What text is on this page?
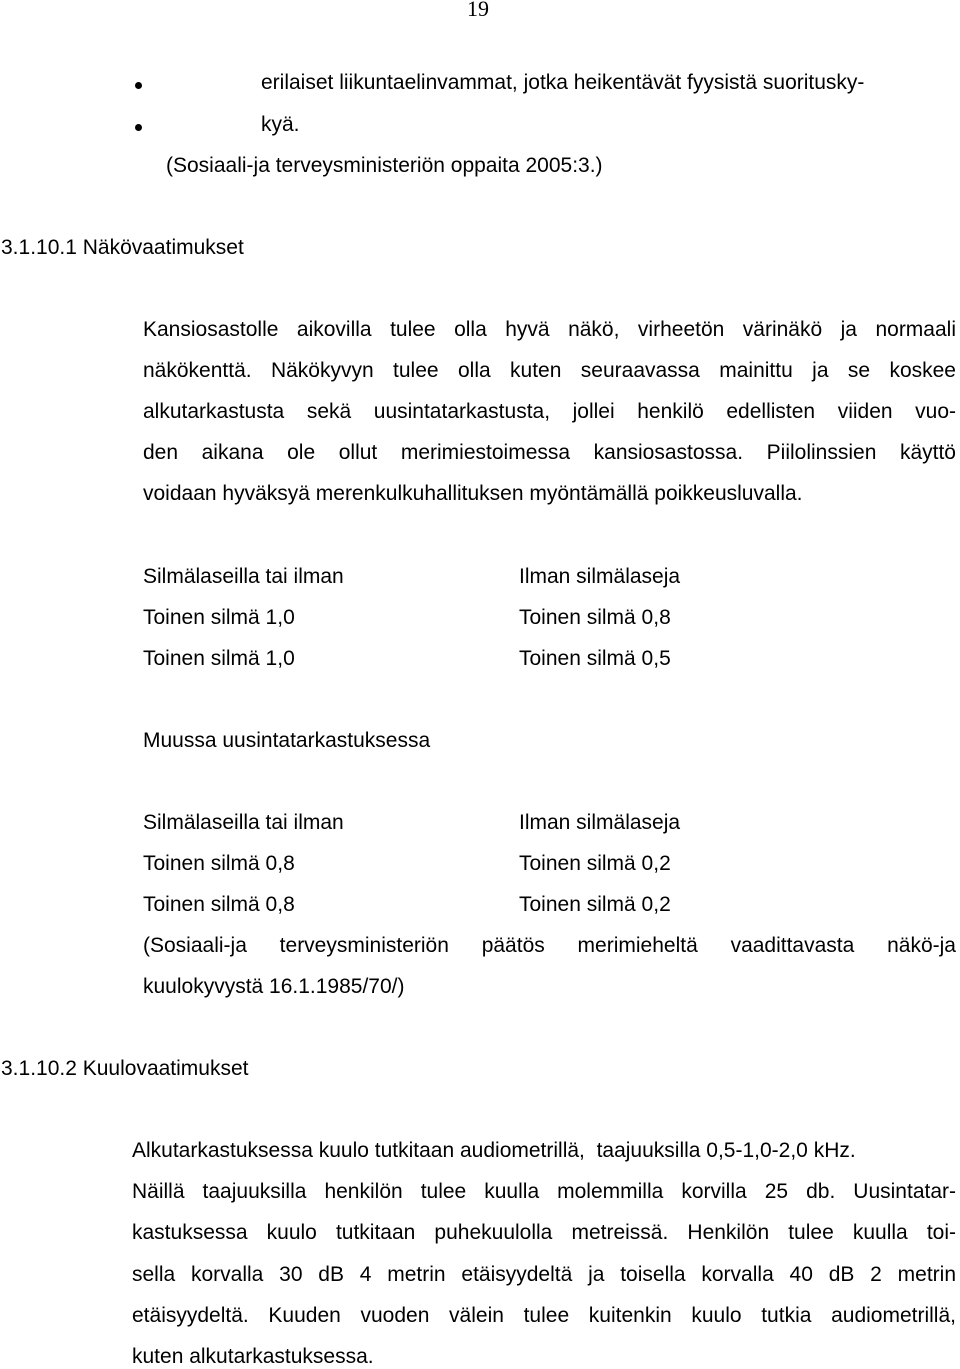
19
erilaiset liikuntaelinvammat, jotka heikentävät fyysistä suoritusky-
kyä.
(Sosiaali-ja terveysministeriön oppaita 2005:3.)
3.1.10.1 Näkövaatimukset
Kansiosastolle aikovilla tulee olla hyvä näkö, virheetön värinäkö ja normaali
näkökenttä. Näkökyvyn tulee olla kuten seuraavassa mainittu ja se koskee
alkutarkastusta sekä uusintatarkastusta, jollei henkilö edellisten viiden vuo-
den aikana ole ollut merimiestoimessa kansiosastossa. Piilolinssien käyttö
voidaan hyväksyä merenkulkuhallituksen myöntämällä poikkeusluvalla.
Silmälaseilla tai ilman	Ilman silmälaseja
Toinen silmä 1,0	Toinen silmä 0,8
Toinen silmä 1,0	Toinen silmä 0,5
Muussa uusintatarkastuksessa
Silmälaseilla tai ilman	Ilman silmälaseja
Toinen silmä 0,8	Toinen silmä 0,2
Toinen silmä 0,8	Toinen silmä 0,2
(Sosiaali-ja terveysministeriön päätös merimieheltä vaadittavasta näkö-ja
kuulokyvystä 16.1.1985/70/)
3.1.10.2 Kuulovaatimukset
Alkutarkastuksessa kuulo tutkitaan audiometrillä,  taajuuksilla 0,5-1,0-2,0 kHz.
Näillä taajuuksilla henkilön tulee kuulla molemmilla korvilla 25 db. Uusintatar-
kastuksessa kuulo tutkitaan puhekuulolla metreissä. Henkilön tulee kuulla toi-
sella korvalla 30 dB 4 metrin etäisyydeltä ja toisella korvalla 40 dB 2 metrin
etäisyydeltä. Kuuden vuoden välein tulee kuitenkin kuulo tutkia audiometrillä,
kuten alkutarkastuksessa.
